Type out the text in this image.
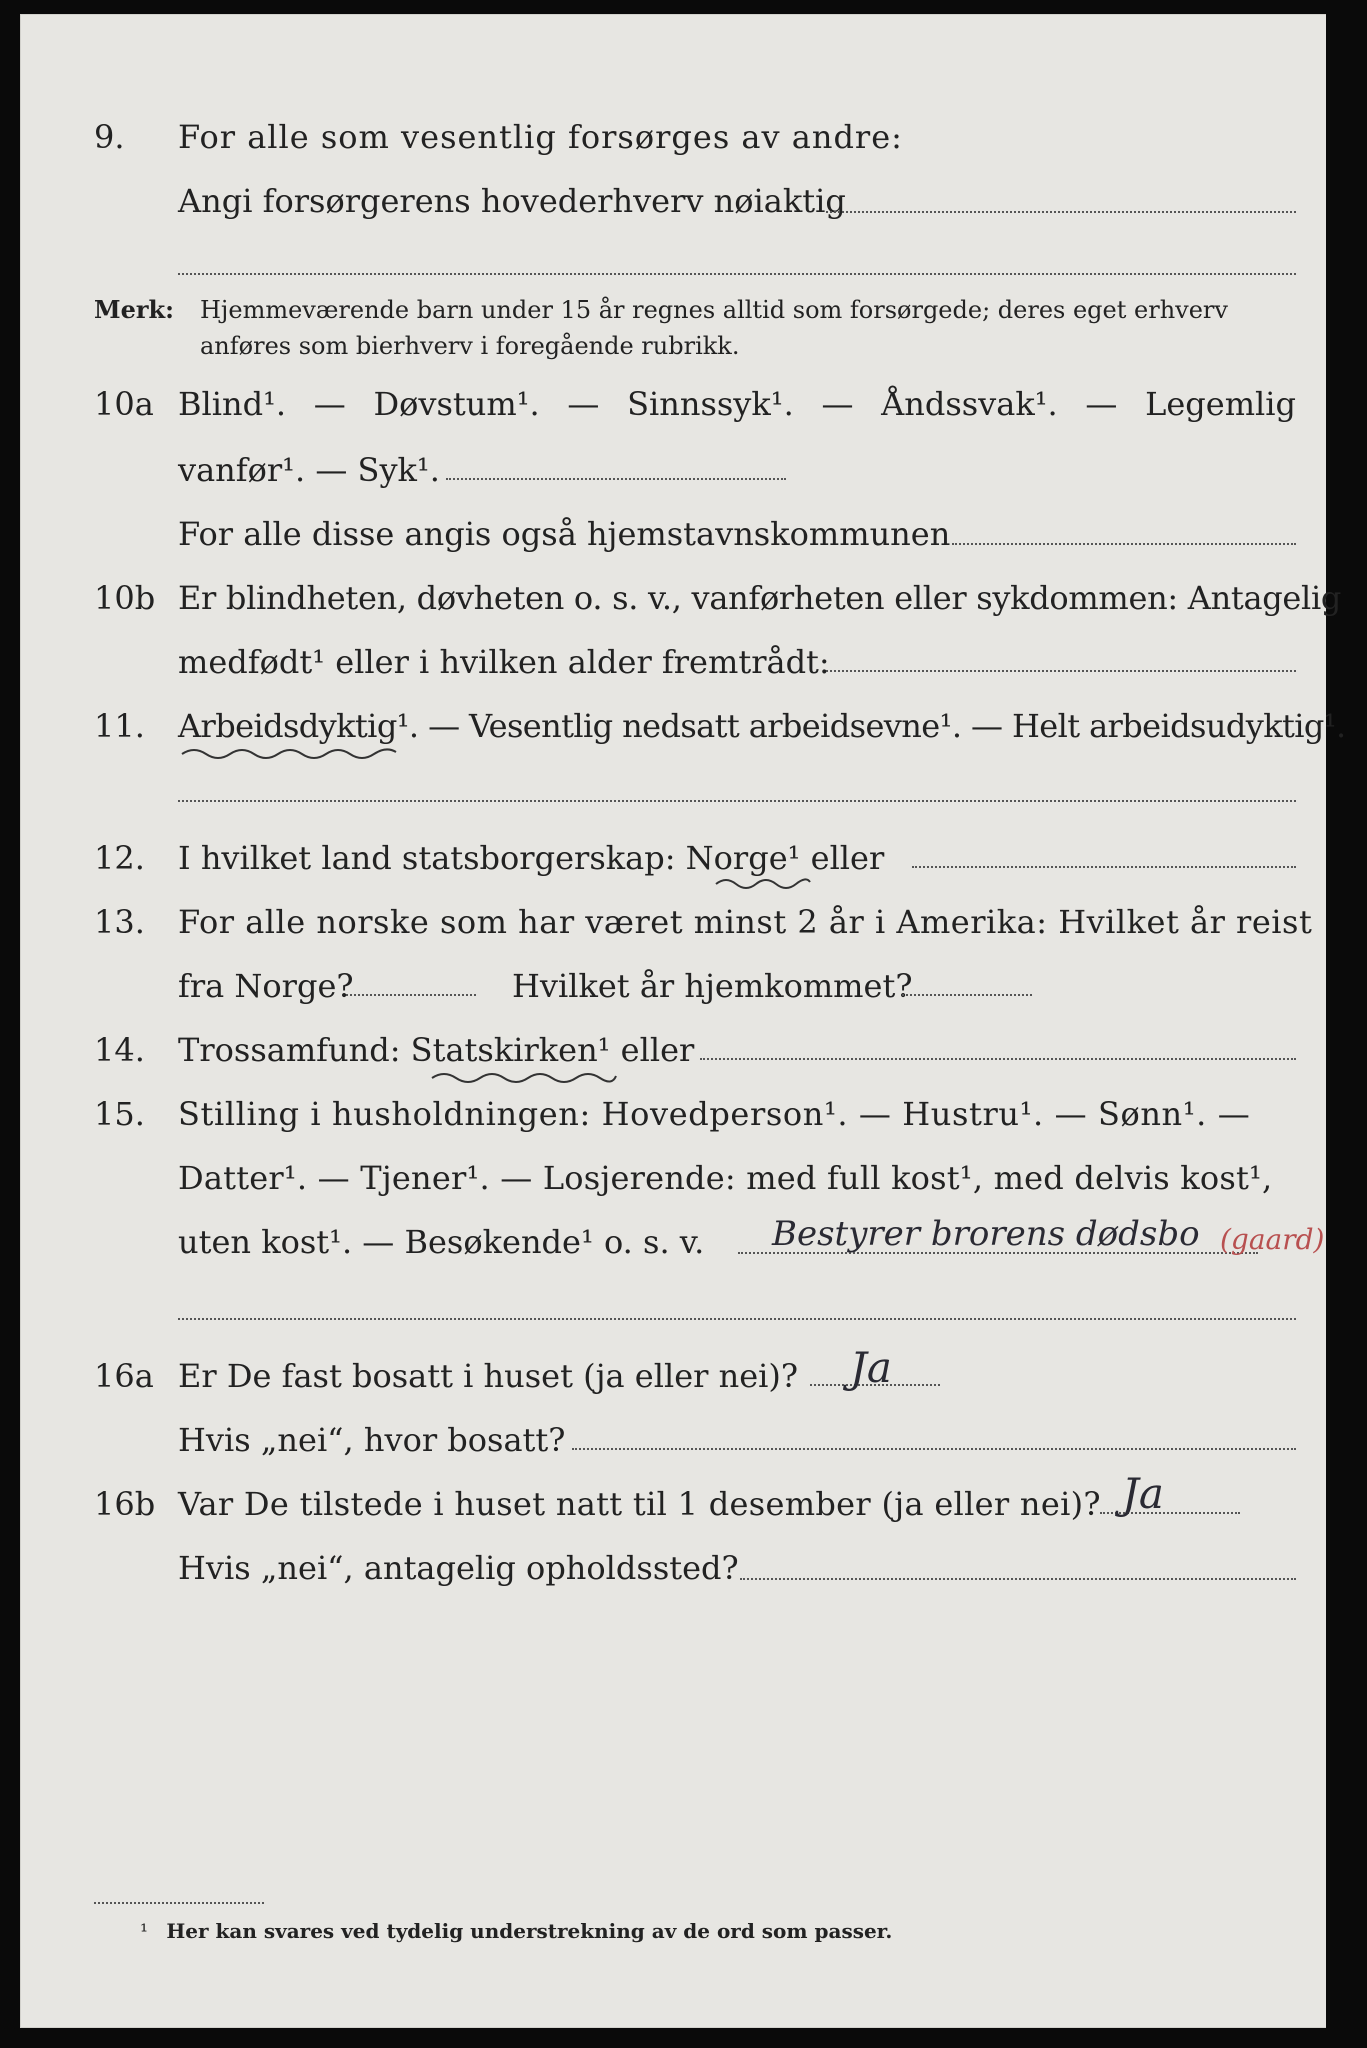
9. For alle som vesentlig forsørges av andre:
Angi forsørgerens hovederhverv nøiaktig
Merk: Hjemmeværende barn under 15 år regnes alltid som forsørgede; deres eget erhverv
anføres som bierhverv i foregående rubrikk.
10a Blind¹. — Døvstum¹. — Sinnssyk¹. — Åndssvak¹. — Legemlig
vanfør¹. — Syk¹.
For alle disse angis også hjemstavnskommunen
10b Er blindheten, døvheten o. s. v., vanførheten eller sykdommen: Antagelig
medfødt¹ eller i hvilken alder fremtrådt:
11. Arbeidsdyktig¹. — Vesentlig nedsatt arbeidsevne¹. — Helt arbeidsudyktig¹.
12. I hvilket land statsborgerskap: Norge¹ eller
13. For alle norske som har været minst 2 år i Amerika: Hvilket år reist
fra Norge?	Hvilket år hjemkommet?
14. Trossamfund: Statskirken¹ eller
15. Stilling i husholdningen: Hovedperson¹. — Hustru¹. — Sønn¹. —
Datter¹. — Tjener¹. — Losjerende: med full kost¹, med delvis kost¹,
uten kost¹. — Besøkende¹ o. s. v. Bestyrer brorens dødsbo (gaard)
16a Er De fast bosatt i huset (ja eller nei)? Ja
Hvis „nei“, hvor bosatt?
16b Var De tilstede i huset natt til 1 desember (ja eller nei)? Ja
Hvis „nei“, antagelig opholdssted?
¹ Her kan svares ved tydelig understrekning av de ord som passer.
